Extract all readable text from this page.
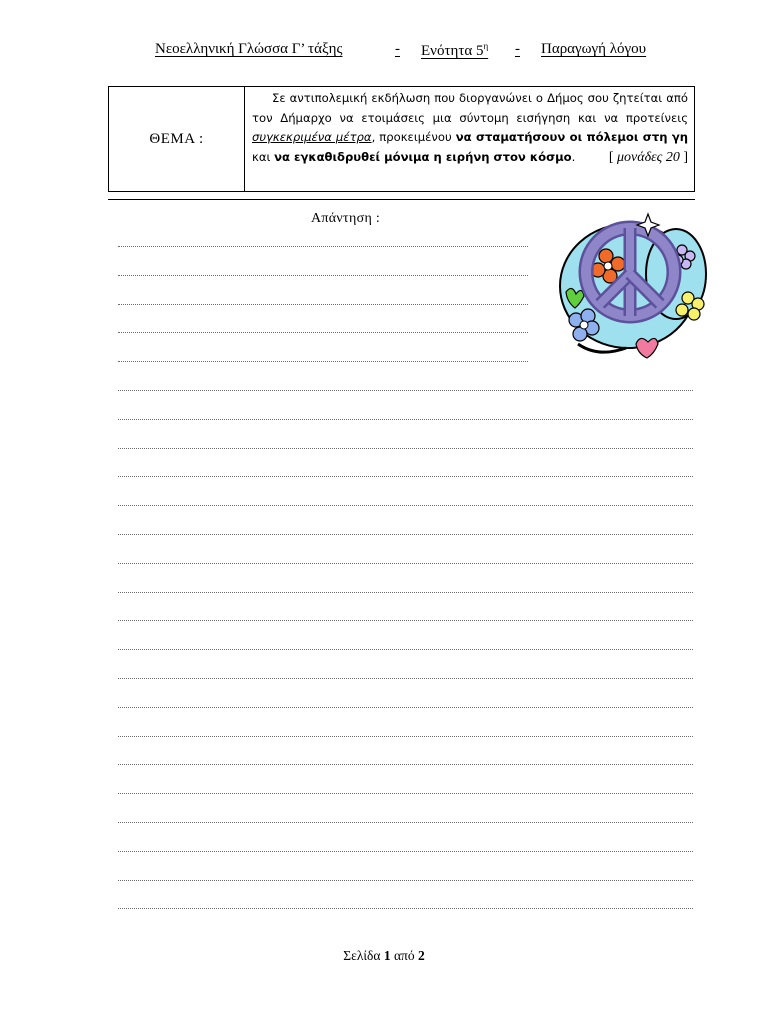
Νεοελληνική Γλώσσα Γ’ τάξης	- Ενότητα $5^\eta$ - Παραγωγή λόγου
ΘΕΜΑ :
Σε αντιπολεμική εκδήλωση που διοργανώνει ο Δήμος σου ζητείται από τον Δήμαρχο να ετοιμάσεις μια σύντομη εισήγηση και να προτείνεις συγκεκριμένα μέτρα, προκειμένου να σταματήσουν οι πόλεμοι στη γη και να εγκαθιδρυθεί μόνιμα η ειρήνη στον κόσμο. [ μονάδες 20 ]
Απάντηση :
Σελίδα 1 από 2
